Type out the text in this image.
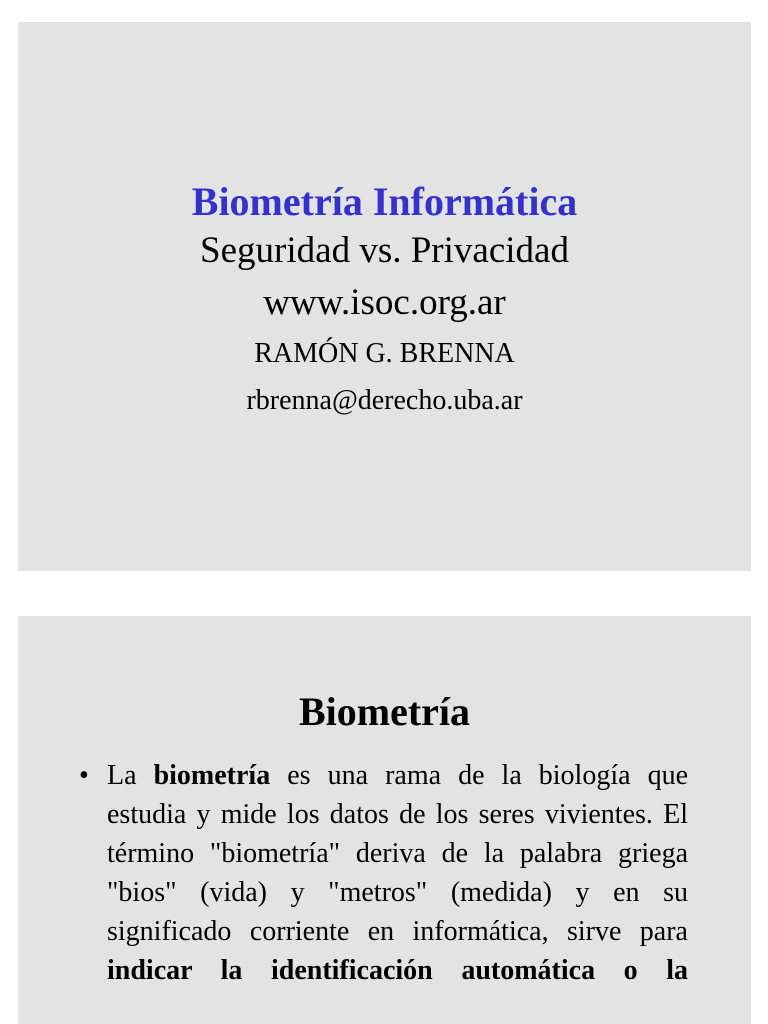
Biometría Informática

Seguridad vs. Privacidad

www.isoc.org.ar

RAMÓN G. BRENNA

rbrenna@derecho.uba.ar

Biometría
• La biometría es una rama de la biología que estudia y mide los datos de los seres vivientes. El término "biometría" deriva de la palabra griega "bios" (vida) y "metros" (medida) y en su significado corriente en informática, sirve para indicar la identificación automática o la
